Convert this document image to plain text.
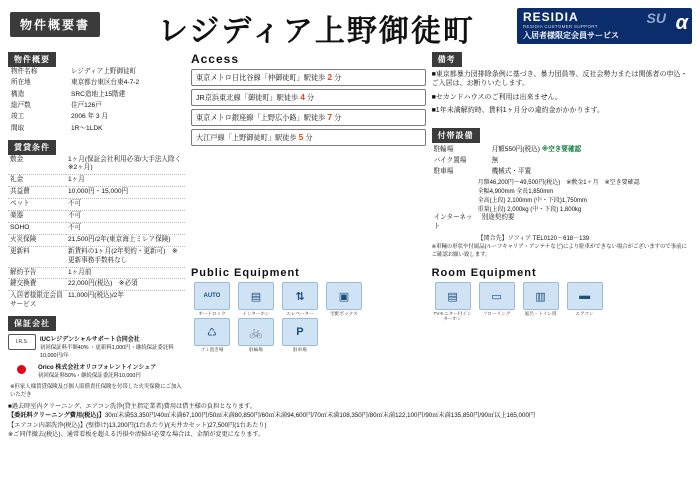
物件概要書	レジディア上野御徒町	SU α
RESIDIA
RESIDIA CUSTOMER SUPPORT
入居者様限定会員サービス
物件概要
物件名称	レジディア上野御徒町
所在地	東京都台東区台東4-7-2
構造	SRC造地上15階建
総戸数	住戸126戸
竣工	2006 年 3 月
間取	1R～1LDK
賃貸条件
敷金	1ヶ月(保証会社利用必須/大手法人除く※2ヶ月)
礼金	1ヶ月
共益費	10,000円・15,000円
ペット	不可
楽器	不可
SOHO	不可
火災保険	21,500円/2年(東京海上ミレア保険)
更新料	新賃料の1ヶ月(2年契約・更新可)　※更新事務手数料なし
解約予告	1ヶ月前
鍵交換費	22,000円(税込)　※必須
入居者様限定会員サービス	11,000円(税込)/2年
保証会社
I.R.S.	IUCレジデンシャルサポート合同会社
初回保証料半額40% ・更新料1,000円・継続保証委託料10,000円/年
Orico 株式会社オリコフォレントインシュア
初回保証料50%・継続保証委託料10,000円
※但家人様賃貸保険及び個人賠償責任保険を付帯した火災保険にご加入いただき
Access
東京メトロ日比谷線「仲御徒町」駅徒歩 2 分
JR京浜東北線「御徒町」駅徒歩 4 分
東京メトロ銀座線「上野広小路」駅徒歩 7 分
大江戸線「上野御徒町」駅徒歩 5 分
Public Equipment
AUTO
オートロック
▤
インターホン
⇅
エレベーター
▣
宅配ボックス
♺
ゴミ置き場
🚲
駐輪場
P
駐車場
備考
■東京都暴力団排除条例に基づき、暴力団員等、反社会勢力または関係者の申込・ご入居は、お断りいたします。
■セカンドハウスのご利用は出来ません。
■1年未満解約時、賃料1ヶ月分の違約金がかかります。
付帯設備
駐輪場	月額550円(税込) ※空き要確認
バイク置場	無
駐車場	機械式・平置
月額46,200円～49,500円(税込)　※敷金1ヶ月　※空き要確認
全幅4,900mm 全長1,850mm
全高(上段) 2,100mm (中・下段)1,750mm
重量(上段) 2,000kg (中・下段) 1,800kg
インターネット	別途契約要
【関合先】ソフィア TEL0120－618－139
※車輛の形状や付属品(ルーフキャリア・アンテナなど)により駐車ができない場合がございますので事前にご確認お願い致します。
Room Equipment
▤
TVモニター付インターホン
▭
フローリング
▥
風呂・トイレ別
▬
エアコン
■過去時室内クリーニング、エアコン洗浄(貸主指定業者)費用は借主様の負担となります。
【委託料クリーニング費用(税込)】30㎡未満53,350円/40㎡未満67,100円/50㎡未満80,850円/60㎡未満94,600円/70㎡未満108,350円/80㎡未満122,100円/90㎡未満135,850円/90㎡以上165,000円
【エアコン内部洗浄(税込)】(壁掛け)13,200円(1台あたり)/(天井カセット)27,500円(1台あたり)
※ご同伴撤去(税込)、通常看板を超える汚損や清掃が必要な場合は、金額が変更になります。
